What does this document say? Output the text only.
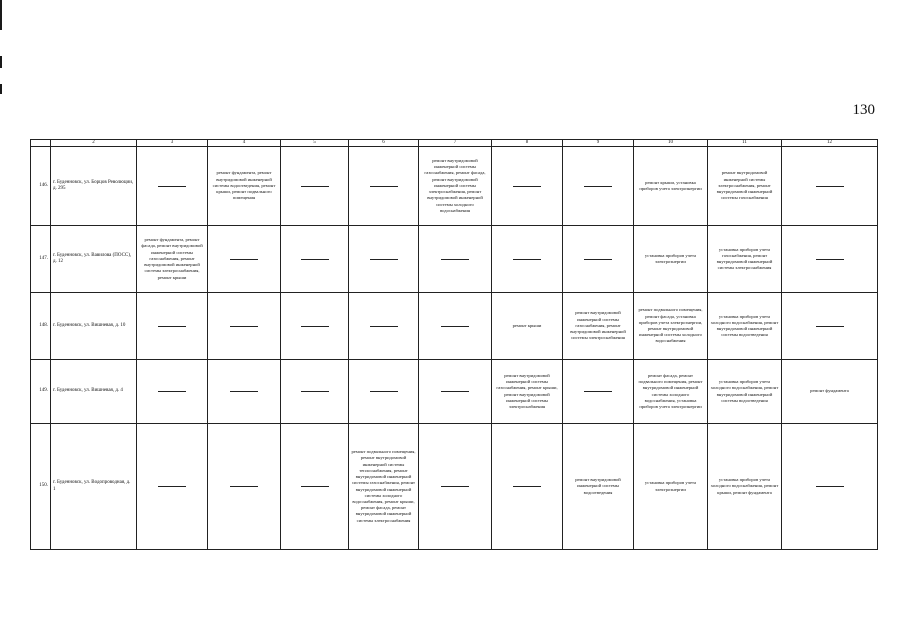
130
	2	3	4	5	6	7	8	9	10	11	12
146.	г. Буденновск, ул. Борцов Революции, д. 295		ремонт фундамента, ремонт внутридомовой инженерной системы водоотведения, ремонт крыши, ремонт подвального помещения			ремонт внутридомовой инженерной системы газоснабжения, ремонт фасада, ремонт внутридомовой инженерной системы электроснабжения, ремонт внутридомовой инженерной системы холодного водоснабжения			ремонт крыши, установка приборов учета электроэнергии	ремонт внутридомовой инженерной системы электроснабжения, ремонт внутридомовой инженерной системы газоснабжения	

147.	г. Буденновск, ул. Вавилова (ПОСС), д. 12	ремонт фундамента, ремонт фасада, ремонт внутридомовой инженерной системы газоснабжения, ремонт внутридомовой инженерной системы электроснабжения, ремонт крыши							установка приборов учета электроэнергии	установка приборов учета газоснабжения, ремонт внутридомовой инженерной системы электроснабжения	

148.	г. Буденновск, ул. Вишневая, д. 10						ремонт крыши	ремонт внутридомовой инженерной системы газоснабжения, ремонт внутридомовой инженерной системы электроснабжения	ремонт подвального помещения, ремонт фасада, установка приборов учета электроэнергии, ремонт внутридомовой инженерной системы холодного водоснабжения	установка приборов учета холодного водоснабжения, ремонт внутридомовой инженерной системы водоотведения	

149.	г. Буденновск, ул. Вишневая, д. 4						ремонт внутридомовой инженерной системы газоснабжения, ремонт крыши, ремонт внутридомовой инженерной системы электроснабжения		ремонт фасада, ремонт подвального помещения, ремонт внутридомовой инженерной системы холодного водоснабжения, установка приборов учета электроэнергии	установка приборов учета холодного водоснабжения, ремонт внутридомовой инженерной системы водоотведения	ремонт фундамента
150.	г. Буденновск, ул. Водопроводная, д. 1				ремонт подвального помещения, ремонт внутридомовой инженерной системы теплоснабжения, ремонт внутридомовой инженерной системы газоснабжения, ремонт внутридомовой инженерной системы холодного водоснабжения, ремонт крыши, ремонт фасада, ремонт внутридомовой инженерной системы электроснабжения			ремонт внутридомовой инженерной системы водоотведения	установка приборов учета электроэнергии	установка приборов учета холодного водоснабжения, ремонт крыши, ремонт фундамента	
